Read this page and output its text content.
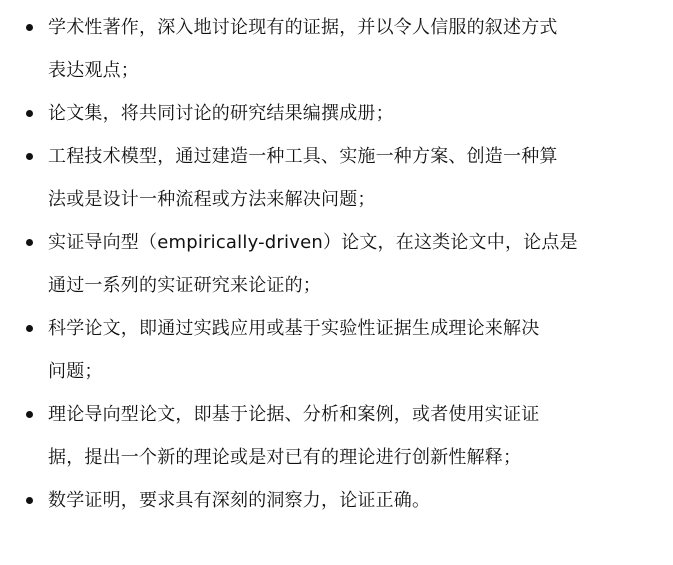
学术性著作，深入地讨论现有的证据，并以令人信服的叙述方式
表达观点；
论文集，将共同讨论的研究结果编撰成册；
工程技术模型，通过建造一种工具、实施一种方案、创造一种算
法或是设计一种流程或方法来解决问题；
实证导向型（empirically-driven）论文，在这类论文中，论点是
通过一系列的实证研究来论证的；
科学论文，即通过实践应用或基于实验性证据生成理论来解决
问题；
理论导向型论文，即基于论据、分析和案例，或者使用实证证
据，提出一个新的理论或是对已有的理论进行创新性解释；
数学证明，要求具有深刻的洞察力，论证正确。
